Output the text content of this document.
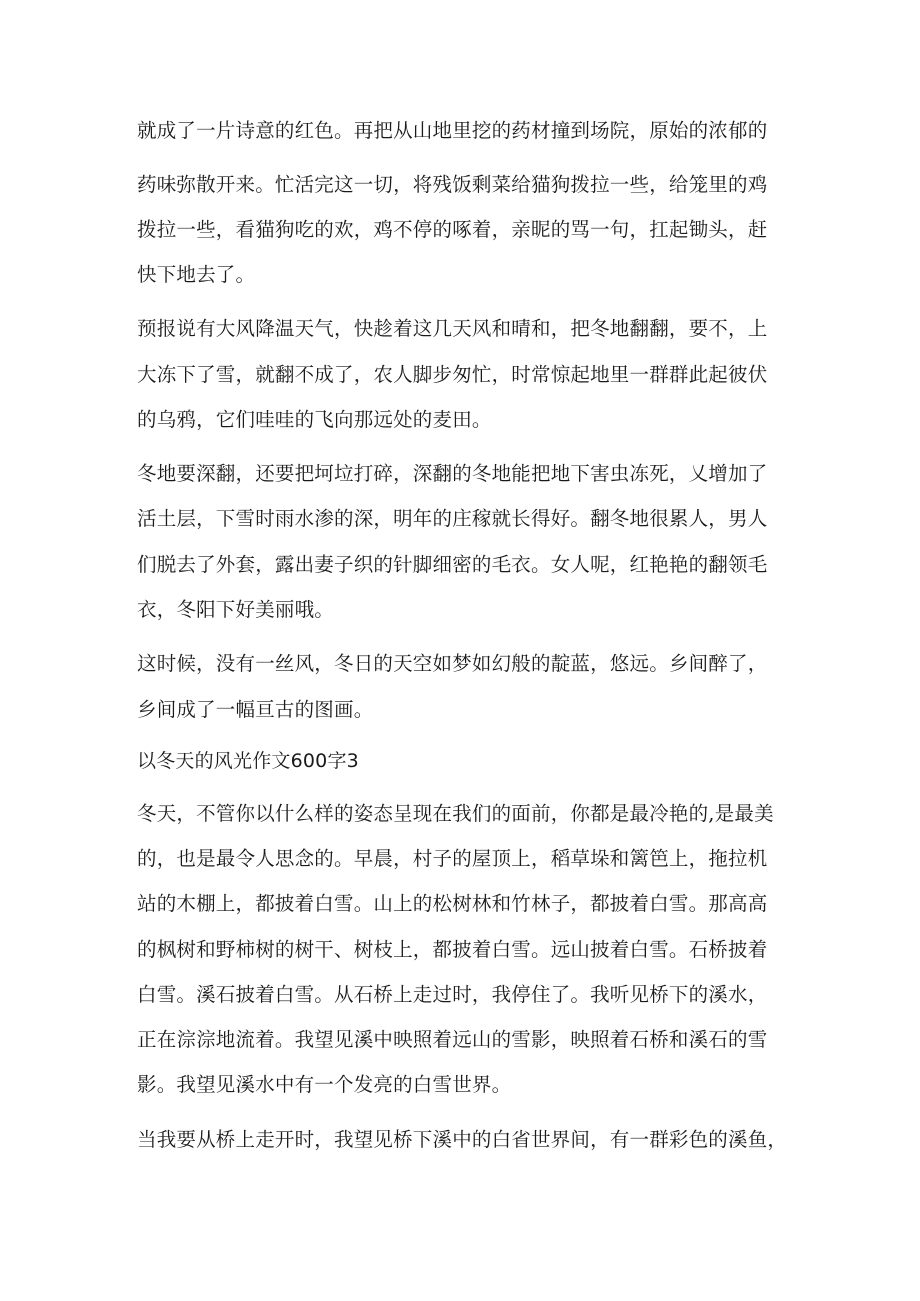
就成了一片诗意的红色。再把从山地里挖的药材撞到场院，原始的浓郁的
药味弥散开来。忙活完这一切，将残饭剩菜给猫狗拨拉一些，给笼里的鸡
拨拉一些，看猫狗吃的欢，鸡不停的啄着，亲昵的骂一句，扛起锄头，赶
快下地去了。
预报说有大风降温天气，快趁着这几天风和晴和，把冬地翻翻，要不，上
大冻下了雪，就翻不成了，农人脚步匆忙，时常惊起地里一群群此起彼伏
的乌鸦，它们哇哇的飞向那远处的麦田。
冬地要深翻，还要把坷垃打碎，深翻的冬地能把地下害虫冻死，乂增加了
活土层，下雪时雨水渗的深，明年的庄稼就长得好。翻冬地很累人，男人
们脱去了外套，露出妻子织的针脚细密的毛衣。女人呢，红艳艳的翻领毛
衣，冬阳下好美丽哦。
这时候，没有一丝风，冬日的天空如梦如幻般的靛蓝，悠远。乡间醉了，
乡间成了一幅亘古的图画。
以冬天的风光作文600字3
冬天，不管你以什么样的姿态呈现在我们的面前，你都是最冷艳的,是最美
的，也是最令人思念的。早晨，村子的屋顶上，稻草垛和篱笆上，拖拉机
站的木棚上，都披着白雪。山上的松树林和竹林子，都披着白雪。那高高
的枫树和野柿树的树干、树枝上，都披着白雪。远山披着白雪。石桥披着
白雪。溪石披着白雪。从石桥上走过时，我停住了。我听见桥下的溪水，
正在淙淙地流着。我望见溪中映照着远山的雪影，映照着石桥和溪石的雪
影。我望见溪水中有一个发亮的白雪世界。
当我要从桥上走开时，我望见桥下溪中的白省世界间，有一群彩色的溪鱼，
